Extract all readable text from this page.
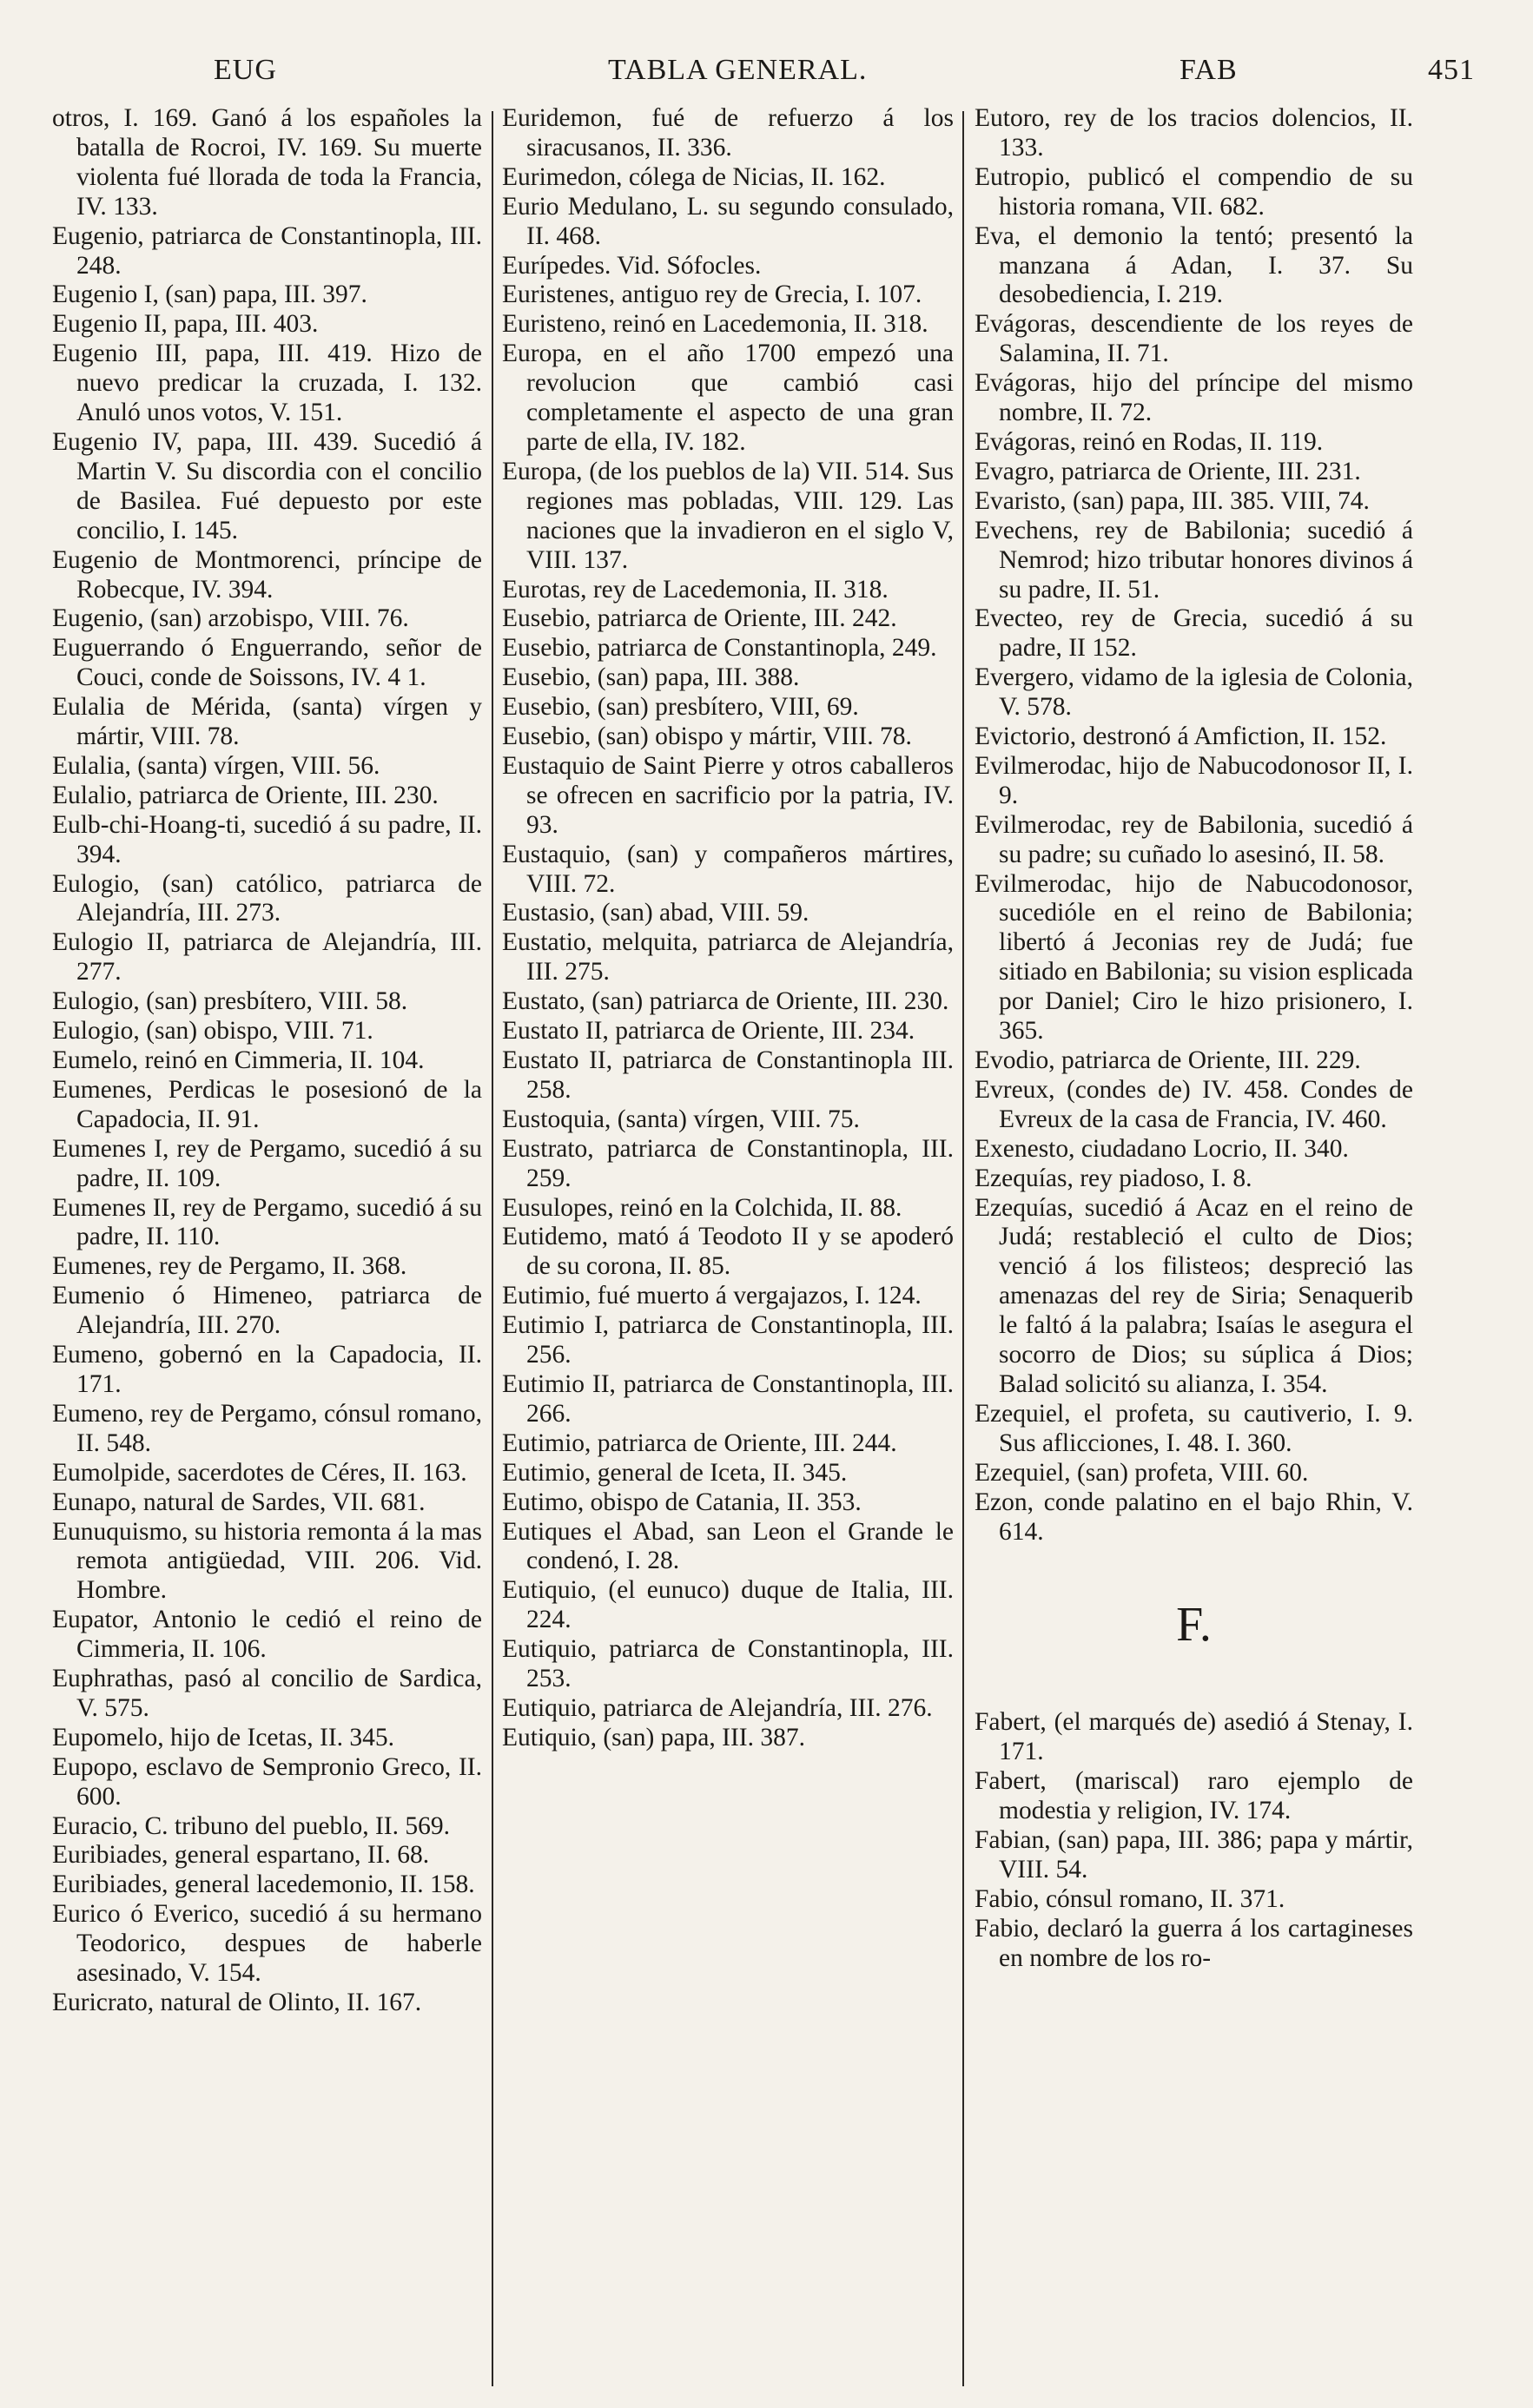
EUG	TABLA GENERAL.	FAB	451

otros, I. 169. Ganó á los españoles la batalla de Rocroi, IV. 169. Su muerte violenta fué llorada de toda la Francia, IV. 133.

Eugenio, patriarca de Constantinopla, III. 248.

Eugenio I, (san) papa, III. 397.

Eugenio II, papa, III. 403.

Eugenio III, papa, III. 419. Hizo de nuevo predicar la cruzada, I. 132. Anuló unos votos, V. 151.

Eugenio IV, papa, III. 439. Sucedió á Martin V. Su discordia con el concilio de Basilea. Fué depuesto por este concilio, I. 145.

Eugenio de Montmorenci, príncipe de Robecque, IV. 394.

Eugenio, (san) arzobispo, VIII. 76.

Euguerrando ó Enguerrando, señor de Couci, conde de Soissons, IV. 4 1.

Eulalia de Mérida, (santa) vírgen y mártir, VIII. 78.

Eulalia, (santa) vírgen, VIII. 56.

Eulalio, patriarca de Oriente, III. 230.

Eulb-chi-Hoang-ti, sucedió á su padre, II. 394.

Eulogio, (san) católico, patriarca de Alejandría, III. 273.

Eulogio II, patriarca de Alejandría, III. 277.

Eulogio, (san) presbítero, VIII. 58.

Eulogio, (san) obispo, VIII. 71.

Eumelo, reinó en Cimmeria, II. 104.

Eumenes, Perdicas le posesionó de la Capadocia, II. 91.

Eumenes I, rey de Pergamo, sucedió á su padre, II. 109.

Eumenes II, rey de Pergamo, sucedió á su padre, II. 110.

Eumenes, rey de Pergamo, II. 368.

Eumenio ó Himeneo, patriarca de Alejandría, III. 270.

Eumeno, gobernó en la Capadocia, II. 171.

Eumeno, rey de Pergamo, cónsul romano, II. 548.

Eumolpide, sacerdotes de Céres, II. 163.

Eunapo, natural de Sardes, VII. 681.

Eunuquismo, su historia remonta á la mas remota antigüedad, VIII. 206. Vid. Hombre.

Eupator, Antonio le cedió el reino de Cimmeria, II. 106.

Euphrathas, pasó al concilio de Sardica, V. 575.

Eupomelo, hijo de Icetas, II. 345.

Eupopo, esclavo de Sempronio Greco, II. 600.

Euracio, C. tribuno del pueblo, II. 569.

Euribiades, general espartano, II. 68.

Euribiades, general lacedemonio, II. 158.

Eurico ó Everico, sucedió á su hermano Teodorico, despues de haberle asesinado, V. 154.

Euricrato, natural de Olinto, II. 167.

Euridemon, fué de refuerzo á los siracusanos, II. 336.

Eurimedon, cólega de Nicias, II. 162.

Eurio Medulano, L. su segundo consulado, II. 468.

Eurípedes. Vid. Sófocles.

Euristenes, antiguo rey de Grecia, I. 107.

Euristeno, reinó en Lacedemonia, II. 318.

Europa, en el año 1700 empezó una revolucion que cambió casi completamente el aspecto de una gran parte de ella, IV. 182.

Europa, (de los pueblos de la) VII. 514. Sus regiones mas pobladas, VIII. 129. Las naciones que la invadieron en el siglo V, VIII. 137.

Eurotas, rey de Lacedemonia, II. 318.

Eusebio, patriarca de Oriente, III. 242.

Eusebio, patriarca de Constantinopla, 249.

Eusebio, (san) papa, III. 388.

Eusebio, (san) presbítero, VIII, 69.

Eusebio, (san) obispo y mártir, VIII. 78.

Eustaquio de Saint Pierre y otros caballeros se ofrecen en sacrificio por la patria, IV. 93.

Eustaquio, (san) y compañeros mártires, VIII. 72.

Eustasio, (san) abad, VIII. 59.

Eustatio, melquita, patriarca de Alejandría, III. 275.

Eustato, (san) patriarca de Oriente, III. 230.

Eustato II, patriarca de Oriente, III. 234.

Eustato II, patriarca de Constantinopla III. 258.

Eustoquia, (santa) vírgen, VIII. 75.

Eustrato, patriarca de Constantinopla, III. 259.

Eusulopes, reinó en la Colchida, II. 88.

Eutidemo, mató á Teodoto II y se apoderó de su corona, II. 85.

Eutimio, fué muerto á vergajazos, I. 124.

Eutimio I, patriarca de Constantinopla, III. 256.

Eutimio II, patriarca de Constantinopla, III. 266.

Eutimio, patriarca de Oriente, III. 244.

Eutimio, general de Iceta, II. 345.

Eutimo, obispo de Catania, II. 353.

Eutiques el Abad, san Leon el Grande le condenó, I. 28.

Eutiquio, (el eunuco) duque de Italia, III. 224.

Eutiquio, patriarca de Constantinopla, III. 253.

Eutiquio, patriarca de Alejandría, III. 276.

Eutiquio, (san) papa, III. 387.

Eutoro, rey de los tracios dolencios, II. 133.

Eutropio, publicó el compendio de su historia romana, VII. 682.

Eva, el demonio la tentó; presentó la manzana á Adan, I. 37. Su desobediencia, I. 219.

Evágoras, descendiente de los reyes de Salamina, II. 71.

Evágoras, hijo del príncipe del mismo nombre, II. 72.

Evágoras, reinó en Rodas, II. 119.

Evagro, patriarca de Oriente, III. 231.

Evaristo, (san) papa, III. 385. VIII, 74.

Evechens, rey de Babilonia; sucedió á Nemrod; hizo tributar honores divinos á su padre, II. 51.

Evecteo, rey de Grecia, sucedió á su padre, II 152.

Evergero, vidamo de la iglesia de Colonia, V. 578.

Evictorio, destronó á Amfiction, II. 152.

Evilmerodac, hijo de Nabucodonosor II, I. 9.

Evilmerodac, rey de Babilonia, sucedió á su padre; su cuñado lo asesinó, II. 58.

Evilmerodac, hijo de Nabucodonosor, sucedióle en el reino de Babilonia; libertó á Jeconias rey de Judá; fue sitiado en Babilonia; su vision esplicada por Daniel; Ciro le hizo prisionero, I. 365.

Evodio, patriarca de Oriente, III. 229.

Evreux, (condes de) IV. 458. Condes de Evreux de la casa de Francia, IV. 460.

Exenesto, ciudadano Locrio, II. 340.

Ezequías, rey piadoso, I. 8.

Ezequías, sucedió á Acaz en el reino de Judá; restableció el culto de Dios; venció á los filisteos; despreció las amenazas del rey de Siria; Senaquerib le faltó á la palabra; Isaías le asegura el socorro de Dios; su súplica á Dios; Balad solicitó su alianza, I. 354.

Ezequiel, el profeta, su cautiverio, I. 9. Sus aflicciones, I. 48. I. 360.

Ezequiel, (san) profeta, VIII. 60.

Ezon, conde palatino en el bajo Rhin, V. 614.

F.

Fabert, (el marqués de) asedió á Stenay, I. 171.

Fabert, (mariscal) raro ejemplo de modestia y religion, IV. 174.

Fabian, (san) papa, III. 386; papa y mártir, VIII. 54.

Fabio, cónsul romano, II. 371.

Fabio, declaró la guerra á los cartagineses en nombre de los ro-
